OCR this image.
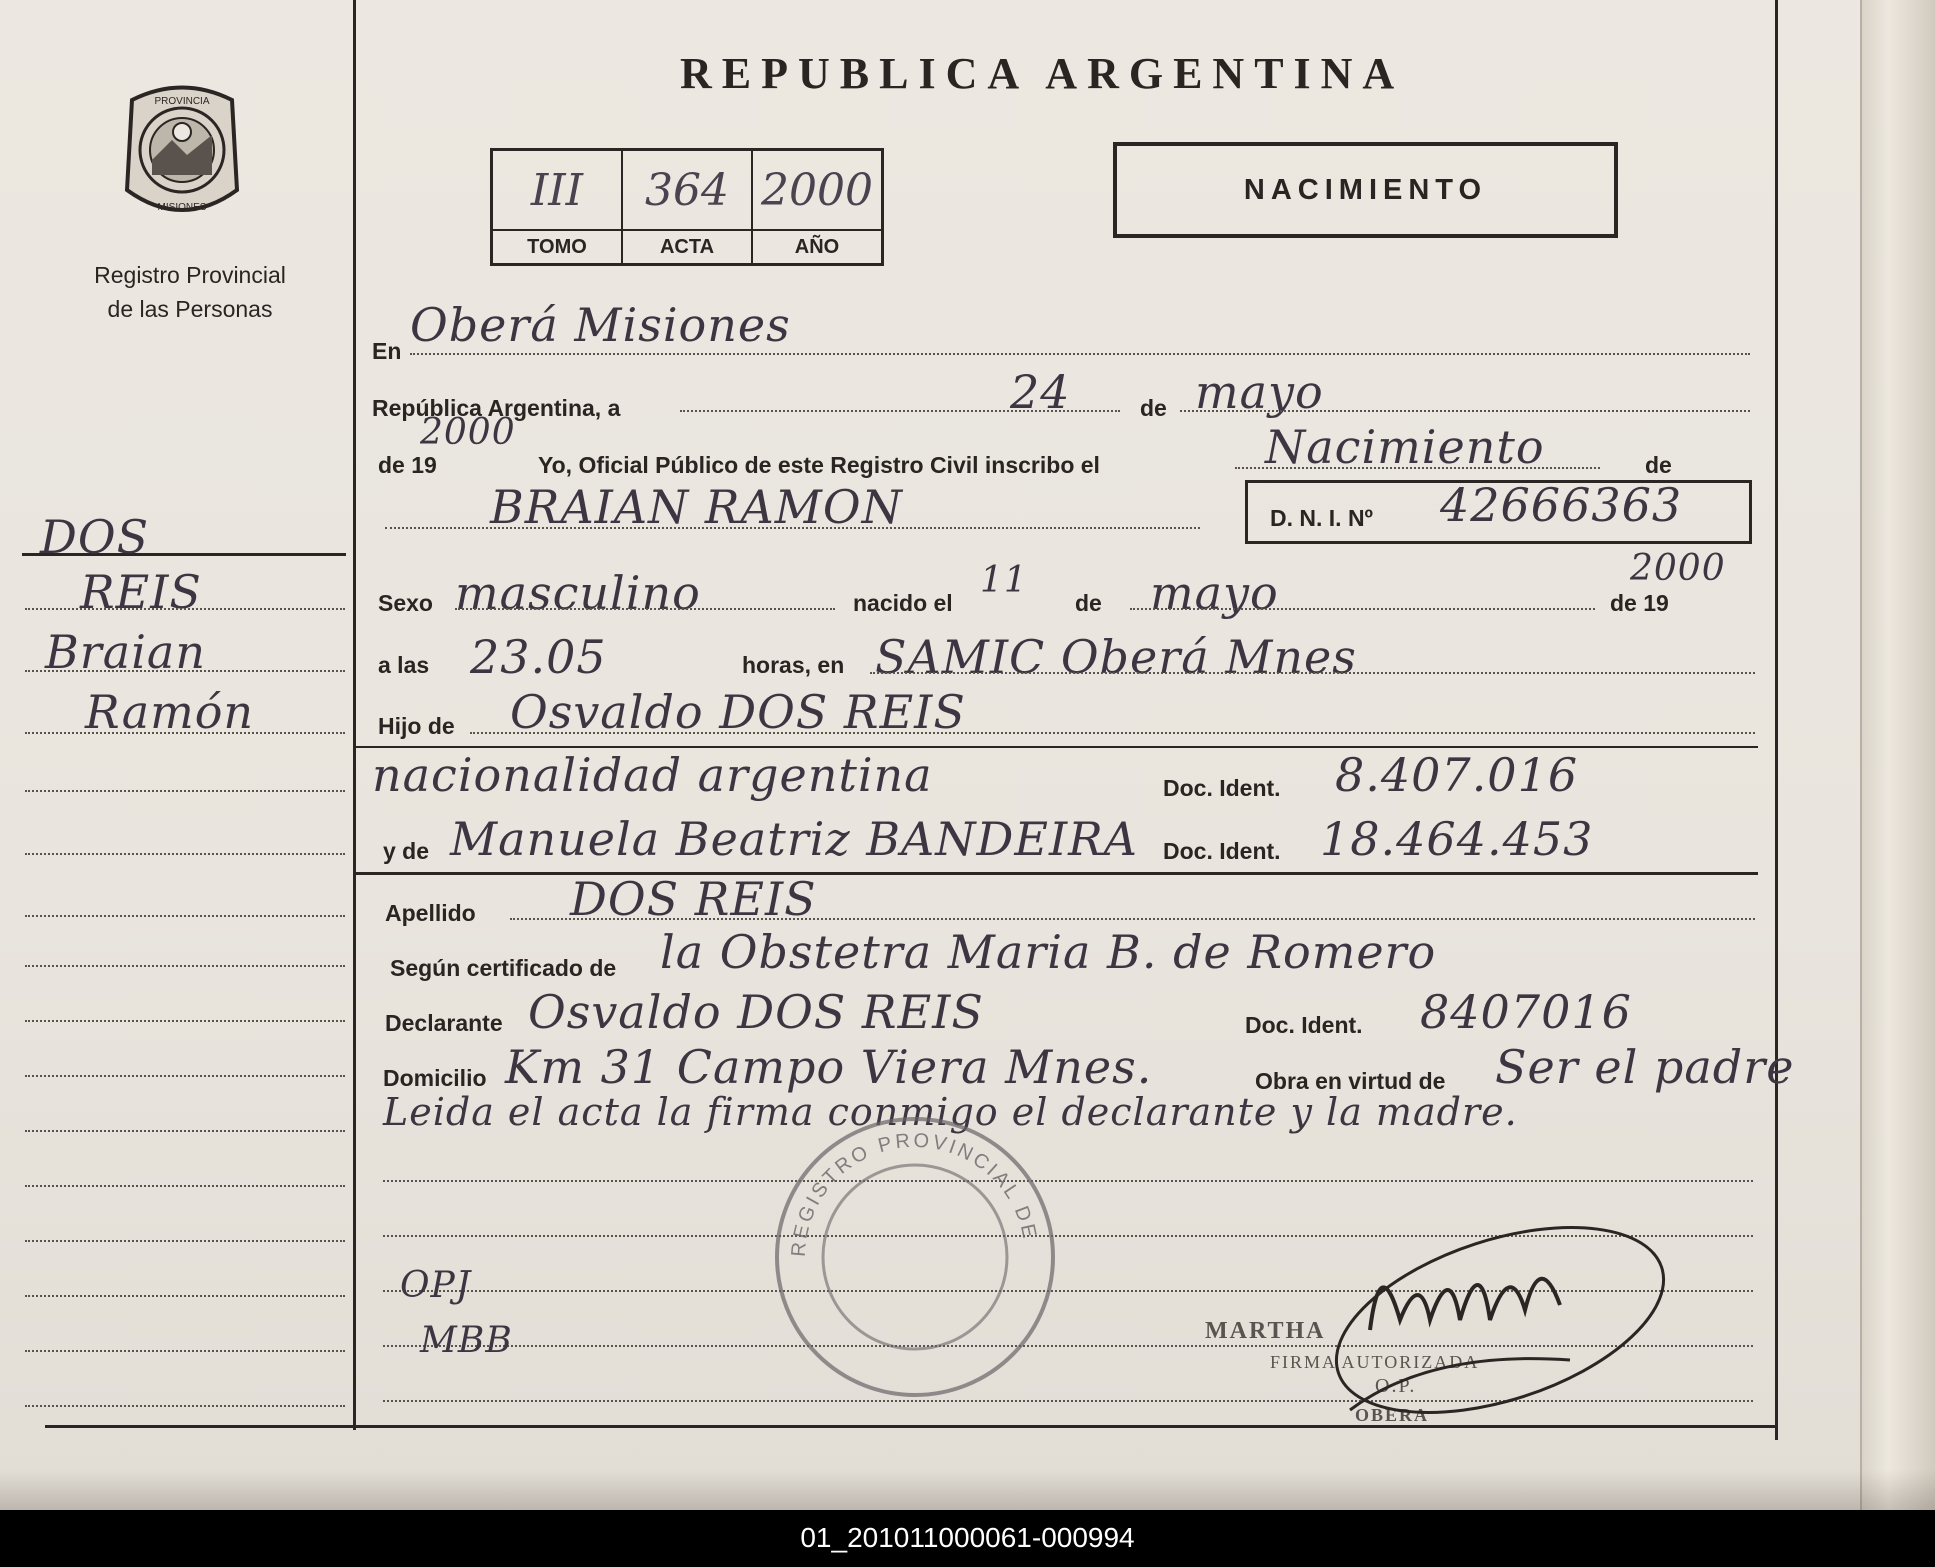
REPUBLICA ARGENTINA
PROVINCIA
MISIONES
Registro Provincial
de las Personas
III	364	2000
TOMO	ACTA	AÑO
NACIMIENTO
En Oberá Misiones
República Argentina, a	24	de mayo
de 19
2000
Yo, Oficial Público de este Registro Civil inscribo el	Nacimiento	de
BRAIAN RAMON	D. N. I. Nº 42666363
Sexo masculino	nacido el
11
de mayo	de 19
2000
a las 23.05	horas, en SAMIC Oberá Mnes
Hijo de Osvaldo DOS REIS
nacionalidad argentina	Doc. Ident. 8.407.016
y de Manuela Beatriz BANDEIRA Doc. Ident. 18.464.453
Apellido DOS REIS
Según certificado de la Obstetra Maria B. de Romero
Declarante Osvaldo DOS REIS	Doc. Ident. 8407016
Domicilio Km 31 Campo Viera Mnes.	Obra en virtud de Ser el padre
Leida el acta la firma conmigo el declarante y la madre.
DOS
REIS
Braian
Ramón
OPJ
MBB
REGISTRO PROVINCIAL DE
MARTHA
FIRMA AUTORIZADA
O.P.
OBERA
01_201011000061-000994
